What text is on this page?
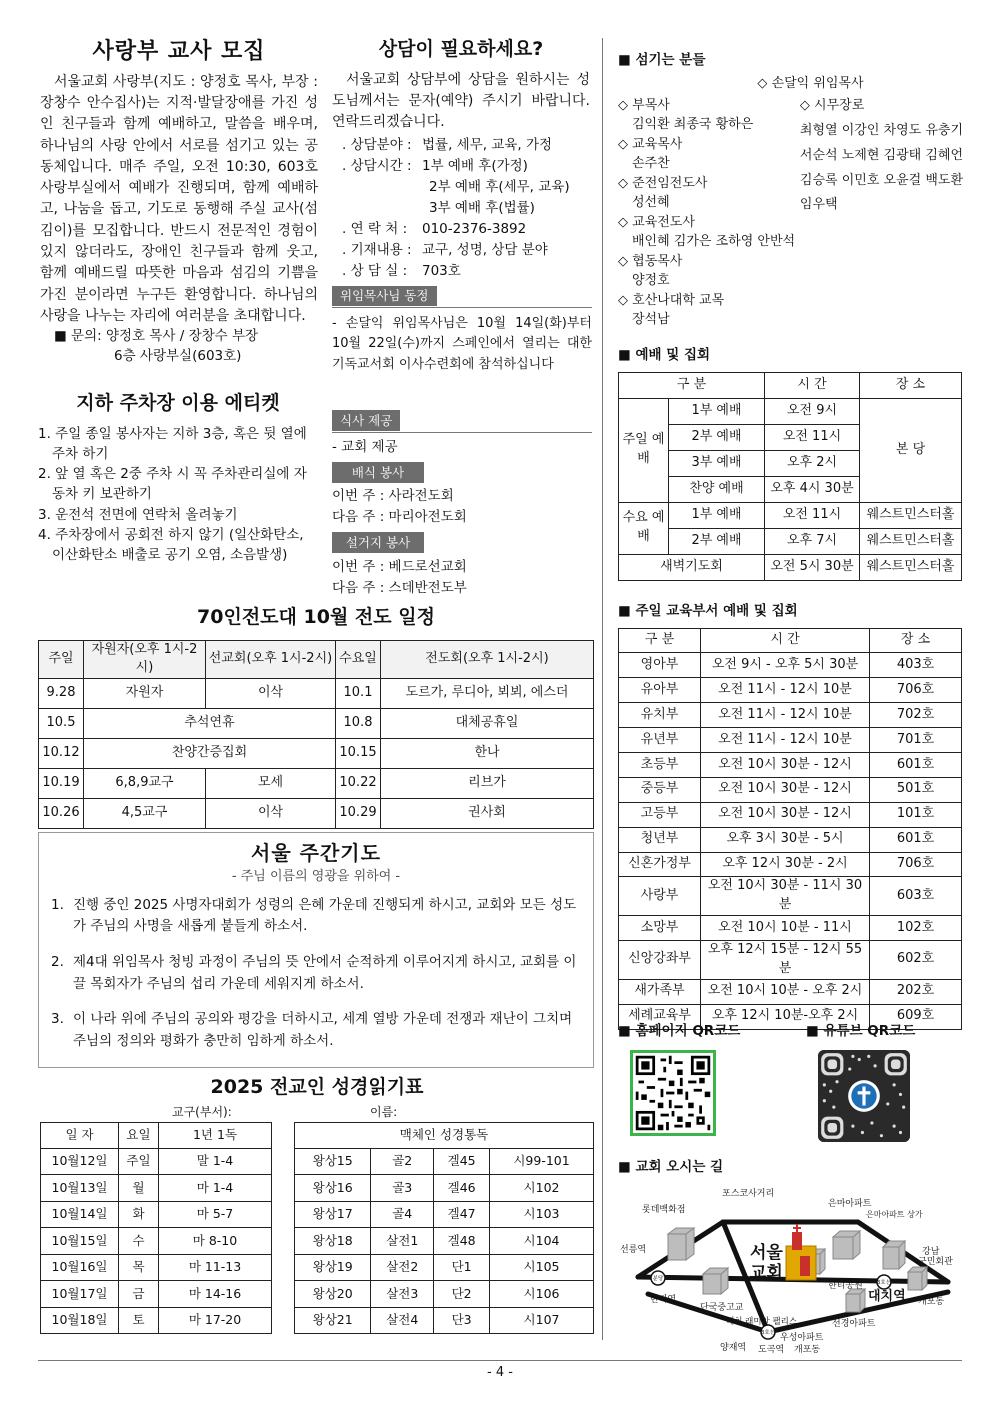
사랑부 교사 모집

서울교회 사랑부(지도 : 양정호 목사, 부장 : 장창수 안수집사)는 지적·발달장애를 가진 성인 친구들과 함께 예배하고, 말씀을 배우며, 하나님의 사랑 안에서 서로를 섬기고 있는 공동체입니다. 매주 주일, 오전 10:30, 603호 사랑부실에서 예배가 진행되며, 함께 예배하고, 나눔을 돕고, 기도로 동행해 주실 교사(섬김이)를 모집합니다. 반드시 전문적인 경험이 있지 않더라도, 장애인 친구들과 함께 웃고, 함께 예배드릴 따뜻한 마음과 섬김의 기쁨을 가진 분이라면 누구든 환영합니다. 하나님의 사랑을 나누는 자리에 여러분을 초대합니다.

■ 문의: 양정호 목사 / 장창수 부장
6층 사랑부실(603호)
지하 주차장 이용 에티켓
1. 주일 종일 봉사자는 지하 3층, 혹은 뒷 열에 주차 하기
2. 앞 열 혹은 2중 주차 시 꼭 주차관리실에 자동차 키 보관하기
3. 운전석 전면에 연락처 올려놓기
4. 주차장에서 공회전 하지 않기 (일산화탄소, 이산화탄소 배출로 공기 오염, 소음발생)
상담이 필요하세요?

서울교회 상담부에 상담을 원하시는 성도님께서는 문자(예약) 주시기 바랍니다. 연락드리겠습니다.

. 상담분야 : 법률, 세무, 교육, 가정
. 상담시간 : 1부 예배 후(가정)
2부 예배 후(세무, 교육)
3부 예배 후(법률)
. 연 락 처 :	010-2376-3892
. 기재내용 : 교구, 성명, 상담 분야
. 상 담 실 :	703호
위임목사님 동정

- 손달익 위임목사님은 10월 14일(화)부터 10월 22일(수)까지 스페인에서 열리는 대한기독교서회 이사수련회에 참석하십니다

식사 제공
- 교회 제공
배식 봉사
이번 주 : 사라전도회
다음 주 : 마리아전도회
설거지 봉사
이번 주 : 베드로선교회
다음 주 : 스데반전도부
70인전도대 10월 전도 일정
주일	자원자(오후 1시-2시)	선교회(오후 1시-2시)	수요일	전도회(오후 1시-2시)
9.28	자원자	이삭	10.1	도르가, 루디아, 뵈뵈, 에스더
10.5	추석연휴		10.8	대체공휴일
10.12	찬양간증집회		10.15	한나
10.19	6,8,9교구	모세	10.22	리브가
10.26	4,5교구	이삭	10.29	권사회
서울 주간기도
- 주님 이름의 영광을 위하여 -
1. 진행 중인 2025 사명자대회가 성령의 은혜 가운데 진행되게 하시고, 교회와 모든 성도가 주님의 사명을 새롭게 붙들게 하소서.
2. 제4대 위임목사 청빙 과정이 주님의 뜻 안에서 순적하게 이루어지게 하시고, 교회를 이끌 목회자가 주님의 섭리 가운데 세워지게 하소서.
3. 이 나라 위에 주님의 공의와 평강을 더하시고, 세계 열방 가운데 전쟁과 재난이 그치며 주님의 정의와 평화가 충만히 임하게 하소서.
2025 전교인 성경읽기표
교구(부서):	이름:
일 자	요일	1년 1독
10월12일	주일	말 1-4
10월13일	월	마 1-4
10월14일	화	마 5-7
10월15일	수	마 8-10
10월16일	목	마 11-13
10월17일	금	마 14-16
10월18일	토	마 17-20
맥체인 성경통독			
왕상15	골2	겔45	시99-101
왕상16	골3	겔46	시102
왕상17	골4	겔47	시103
왕상18	살전1	겔48	시104
왕상19	살전2	단1	시105
왕상20	살전3	단2	시106
왕상21	살전4	단3	시107
■ 섬기는 분들
◇ 손달익 위임목사
◇ 부목사
김익환 최종국 황하은
◇ 교육목사
손주찬
◇ 준전임전도사
성선혜
◇ 교육전도사
배인혜 김가은 조하영 안반석
◇ 협동목사
양정호
◇ 호산나대학 교목
장석남
◇ 시무장로
최형열 이강인 차영도 유충기
서순석 노제현 김광태 김혜언
김승록 이민호 오윤걸 백도환
임우택
■ 예배 및 집회
구 분		시 간	장 소
주일 예배	1부 예배	오전 9시	본 당
	2부 예배	오전 11시	
	3부 예배	오후 2시	
	찬양 예배	오후 4시 30분	
수요 예배	1부 예배	오전 11시	웨스트민스터홀
	2부 예배	오후 7시	웨스트민스터홀
새벽기도회		오전 5시 30분	웨스트민스터홀
■ 주일 교육부서 예배 및 집회
구 분	시 간	장 소
영아부	오전 9시 - 오후 5시 30분	403호
유아부	오전 11시 - 12시 10분	706호
유치부	오전 11시 - 12시 10분	702호
유년부	오전 11시 - 12시 10분	701호
초등부	오전 10시 30분 - 12시	601호
중등부	오전 10시 30분 - 12시	501호
고등부	오전 10시 30분 - 12시	101호
청년부	오후 3시 30분 - 5시	601호
신혼가정부	오후 12시 30분 - 2시	706호
사랑부	오전 10시 30분 - 11시 30분	603호
소망부	오전 10시 10분 - 11시	102호
신앙강좌부	오후 12시 15분 - 12시 55분	602호
새가족부	오전 10시 10분 - 오후 2시	202호
세례교육부	오후 12시 10분-오후 2시	609호
■ 홈페이지 QR코드	■ 유튜브 QR코드
■ 교회 오시는 길
분당
3호선
3호선
포스코사거리
롯데백화점
은마아파트
은마아파트 상가
선릉역
한티역
단국중고교
대치 래미안 팰리스
한티공원
강남
구민회관
개포동
선경아파트
우성아파트
개포동
양재역 도곡역
서울
교회
대치역
- 4 -
